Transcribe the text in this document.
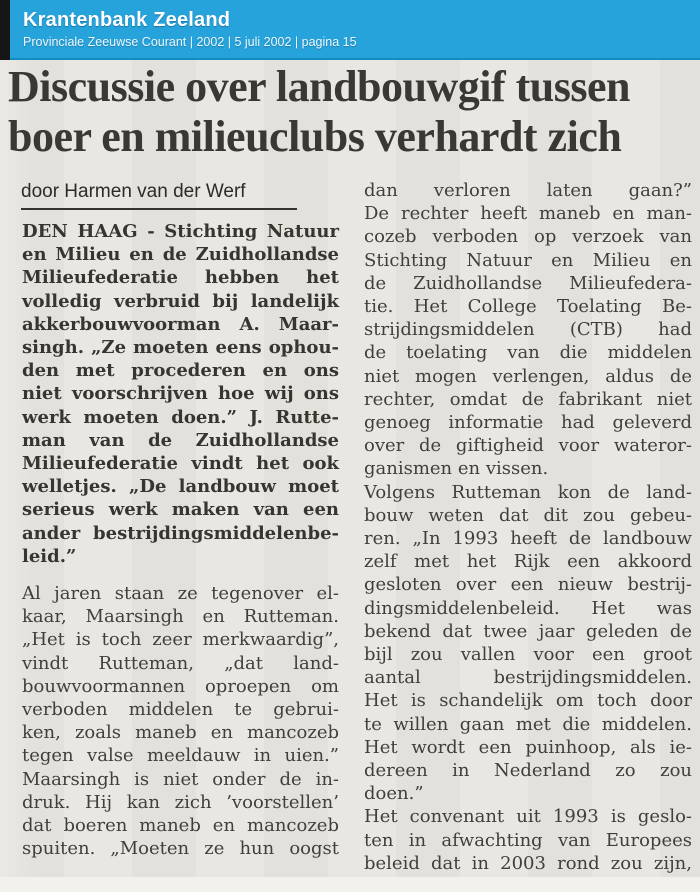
Krantenbank Zeeland
Provinciale Zeeuwse Courant | 2002 | 5 juli 2002 | pagina 15
Discussie over landbouwgif tussen
boer en milieuclubs verhardt zich
door Harmen van der Werf
DEN HAAG - Stichting Natuur
en Milieu en de Zuidhollandse
Milieufederatie hebben het
volledig verbruid bij landelijk
akkerbouwvoorman A. Maar-
singh. „Ze moeten eens ophou-
den met procederen en ons
niet voorschrijven hoe wij ons
werk moeten doen.” J. Rutte-
man van de Zuidhollandse
Milieufederatie vindt het ook
welletjes. „De landbouw moet
serieus werk maken van een
ander bestrijdingsmiddelenbe-
leid.”
Al jaren staan ze tegenover el-
kaar, Maarsingh en Rutteman.
„Het is toch zeer merkwaardig”,
vindt Rutteman, „dat land-
bouwvoormannen oproepen om
verboden middelen te gebrui-
ken, zoals maneb en mancozeb
tegen valse meeldauw in uien.”
Maarsingh is niet onder de in-
druk. Hij kan zich ’voorstellen’
dat boeren maneb en mancozeb
spuiten. „Moeten ze hun oogst
dan verloren laten gaan?”
De rechter heeft maneb en man-
cozeb verboden op verzoek van
Stichting Natuur en Milieu en
de Zuidhollandse Milieufedera-
tie. Het College Toelating Be-
strijdingsmiddelen (CTB) had
de toelating van die middelen
niet mogen verlengen, aldus de
rechter, omdat de fabrikant niet
genoeg informatie had geleverd
over de giftigheid voor wateror-
ganismen en vissen.
Volgens Rutteman kon de land-
bouw weten dat dit zou gebeu-
ren. „In 1993 heeft de landbouw
zelf met het Rijk een akkoord
gesloten over een nieuw bestrij-
dingsmiddelenbeleid. Het was
bekend dat twee jaar geleden de
bijl zou vallen voor een groot
aantal bestrijdingsmiddelen.
Het is schandelijk om toch door
te willen gaan met die middelen.
Het wordt een puinhoop, als ie-
dereen in Nederland zo zou
doen.”
Het convenant uit 1993 is geslo-
ten in afwachting van Europees
beleid dat in 2003 rond zou zijn,
